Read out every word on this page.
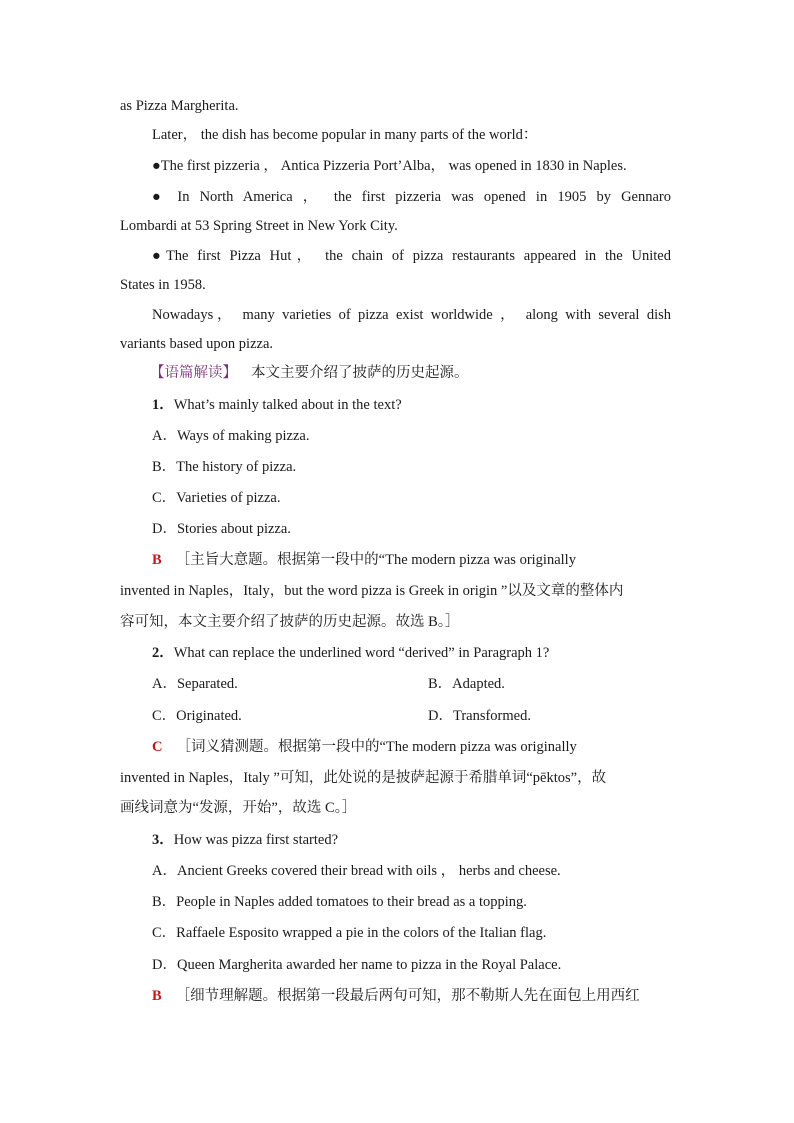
as Pizza Margherita.
Later， the dish has become popular in many parts of the world：
●The first pizzeria ， Antica Pizzeria Port’Alba， was opened in 1830 in Naples.
● In North America ， the first pizzeria was opened in 1905 by Gennaro
Lombardi at 53 Spring Street in New York City.
●The first Pizza Hut， the chain of pizza restaurants appeared in the United
States in 1958.
Nowadays， many varieties of pizza exist worldwide ， along with several dish
variants based upon pizza.
【语篇解读】 本文主要介绍了披萨的历史起源。
1．What’s mainly talked about in the text?
A．Ways of making pizza.
B．The history of pizza.
C．Varieties of pizza.
D．Stories about pizza.
B ［主旨大意题。根据第一段中的“The modern pizza was originally
invented in Naples，Italy，but the word pizza is Greek in origin ”以及文章的整体内
容可知，本文主要介绍了披萨的历史起源。故选 B。］
2．What can replace the underlined word “derived” in Paragraph 1?
A．Separated.	B．Adapted.
C．Originated.	D．Transformed.
C ［词义猜测题。根据第一段中的“The modern pizza was originally
invented in Naples，Italy ”可知，此处说的是披萨起源于希腊单词“pēktos”，故
画线词意为“发源，开始”，故选 C。］
3．How was pizza first started?
A．Ancient Greeks covered their bread with oils ， herbs and cheese.
B．People in Naples added tomatoes to their bread as a topping.
C．Raffaele Esposito wrapped a pie in the colors of the Italian flag.
D．Queen Margherita awarded her name to pizza in the Royal Palace.
B ［细节理解题。根据第一段最后两句可知，那不勒斯人先在面包上用西红
